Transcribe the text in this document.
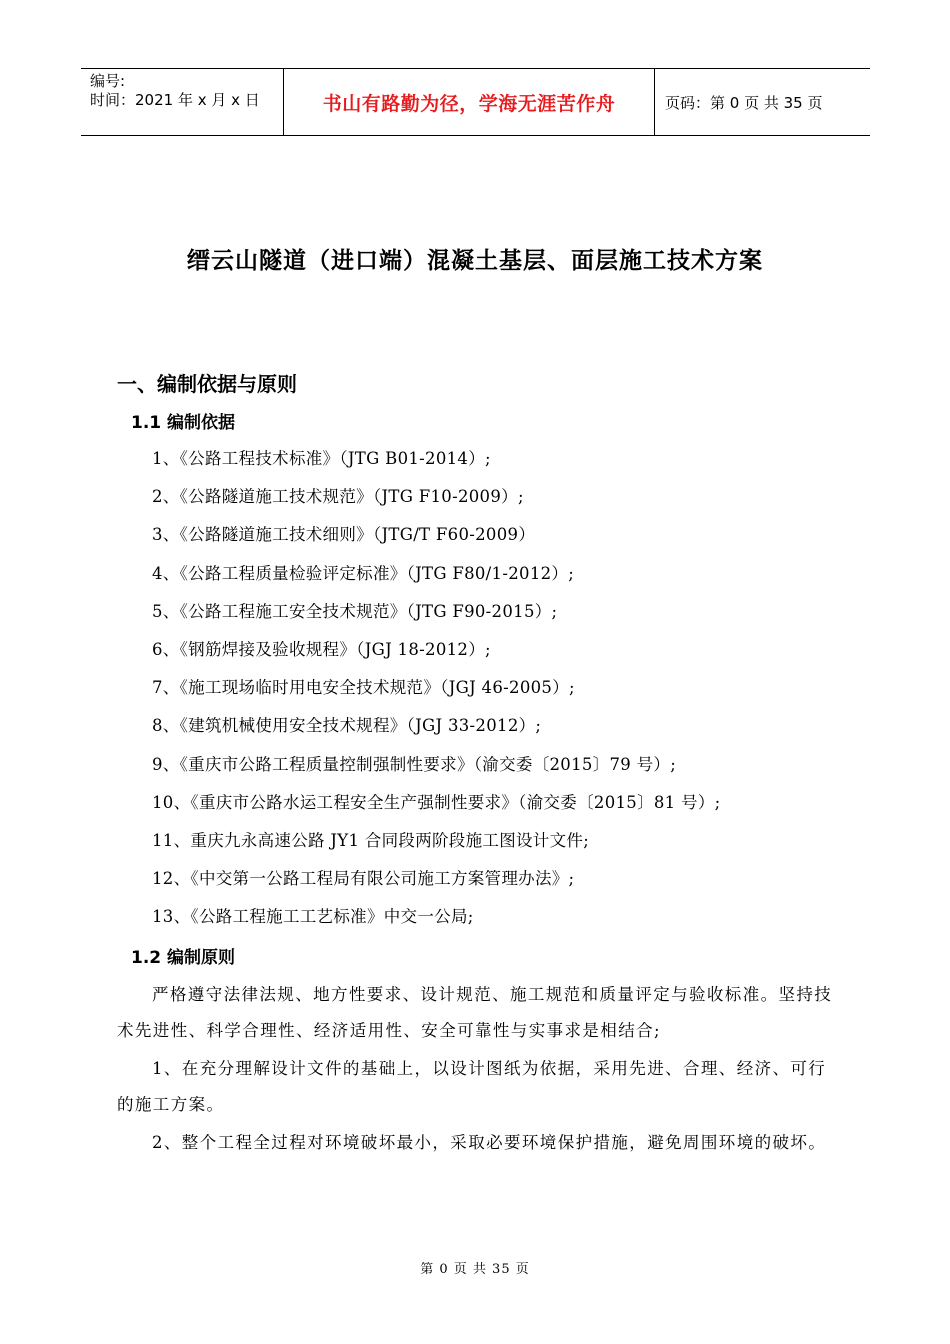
编号:
时间：2021 年 x 月 x 日	书山有路勤为径，学海无涯苦作舟	页码：第 0 页 共 35 页
缙云山隧道（进口端）混凝土基层、面层施工技术方案
一、编制依据与原则
1.1 编制依据
1、《公路工程技术标准》（JTG B01-2014）;
2、《公路隧道施工技术规范》（JTG F10-2009）;
3、《公路隧道施工技术细则》（JTG/T F60-2009）
4、《公路工程质量检验评定标准》（JTG F80/1-2012）;
5、《公路工程施工安全技术规范》（JTG F90-2015）;
6、《钢筋焊接及验收规程》（JGJ 18-2012）;
7、《施工现场临时用电安全技术规范》（JGJ 46-2005）;
8、《建筑机械使用安全技术规程》（JGJ 33-2012）;
9、《重庆市公路工程质量控制强制性要求》（渝交委〔2015〕79 号）;
10、《重庆市公路水运工程安全生产强制性要求》（渝交委〔2015〕81 号）;
11、重庆九永高速公路 JY1 合同段两阶段施工图设计文件;
12、《中交第一公路工程局有限公司施工方案管理办法》;
13、《公路工程施工工艺标准》中交一公局;
1.2 编制原则

严格遵守法律法规、地方性要求、设计规范、施工规范和质量评定与验收标准。坚持技术先进性、科学合理性、经济适用性、安全可靠性与实事求是相结合;

1、在充分理解设计文件的基础上，以设计图纸为依据，采用先进、合理、经济、可行的施工方案。

2、整个工程全过程对环境破坏最小，采取必要环境保护措施，避免周围环境的破坏。

第 0 页 共 35 页
